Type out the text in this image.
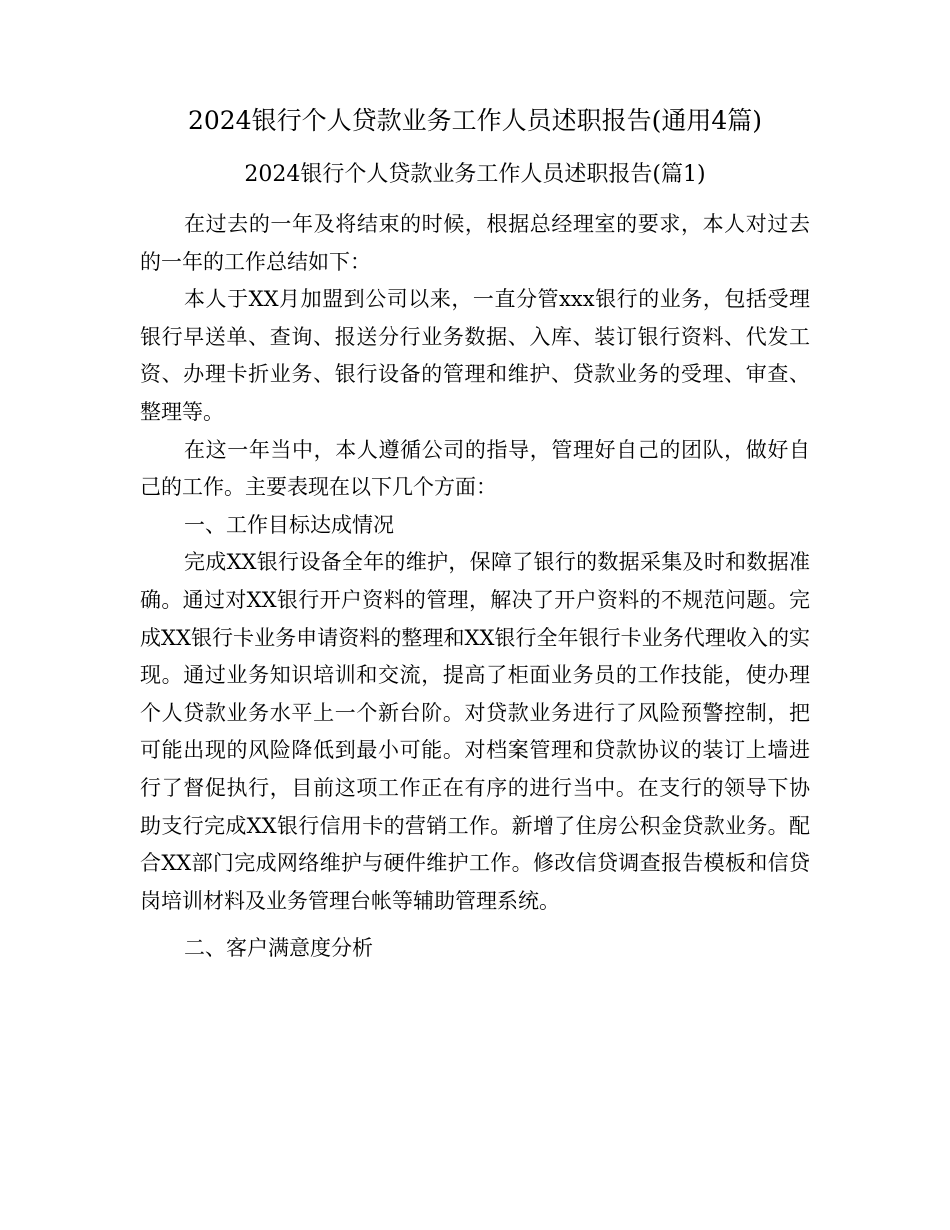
2024银行个人贷款业务工作人员述职报告(通用4篇)
2024银行个人贷款业务工作人员述职报告(篇1)

在过去的一年及将结束的时候，根据总经理室的要求，本人对过去的一年的工作总结如下：

本人于XX月加盟到公司以来，一直分管xxx银行的业务，包括受理银行早送单、查询、报送分行业务数据、入库、装订银行资料、代发工资、办理卡折业务、银行设备的管理和维护、贷款业务的受理、审查、整理等。

在这一年当中，本人遵循公司的指导，管理好自己的团队，做好自己的工作。主要表现在以下几个方面：

一、工作目标达成情况

完成XX银行设备全年的维护，保障了银行的数据采集及时和数据准确。通过对XX银行开户资料的管理，解决了开户资料的不规范问题。完成XX银行卡业务申请资料的整理和XX银行全年银行卡业务代理收入的实现。通过业务知识培训和交流，提高了柜面业务员的工作技能，使办理个人贷款业务水平上一个新台阶。对贷款业务进行了风险预警控制，把可能出现的风险降低到最小可能。对档案管理和贷款协议的装订上墙进行了督促执行，目前这项工作正在有序的进行当中。在支行的领导下协助支行完成XX银行信用卡的营销工作。新增了住房公积金贷款业务。配合XX部门完成网络维护与硬件维护工作。修改信贷调查报告模板和信贷岗培训材料及业务管理台帐等辅助管理系统。

二、客户满意度分析
